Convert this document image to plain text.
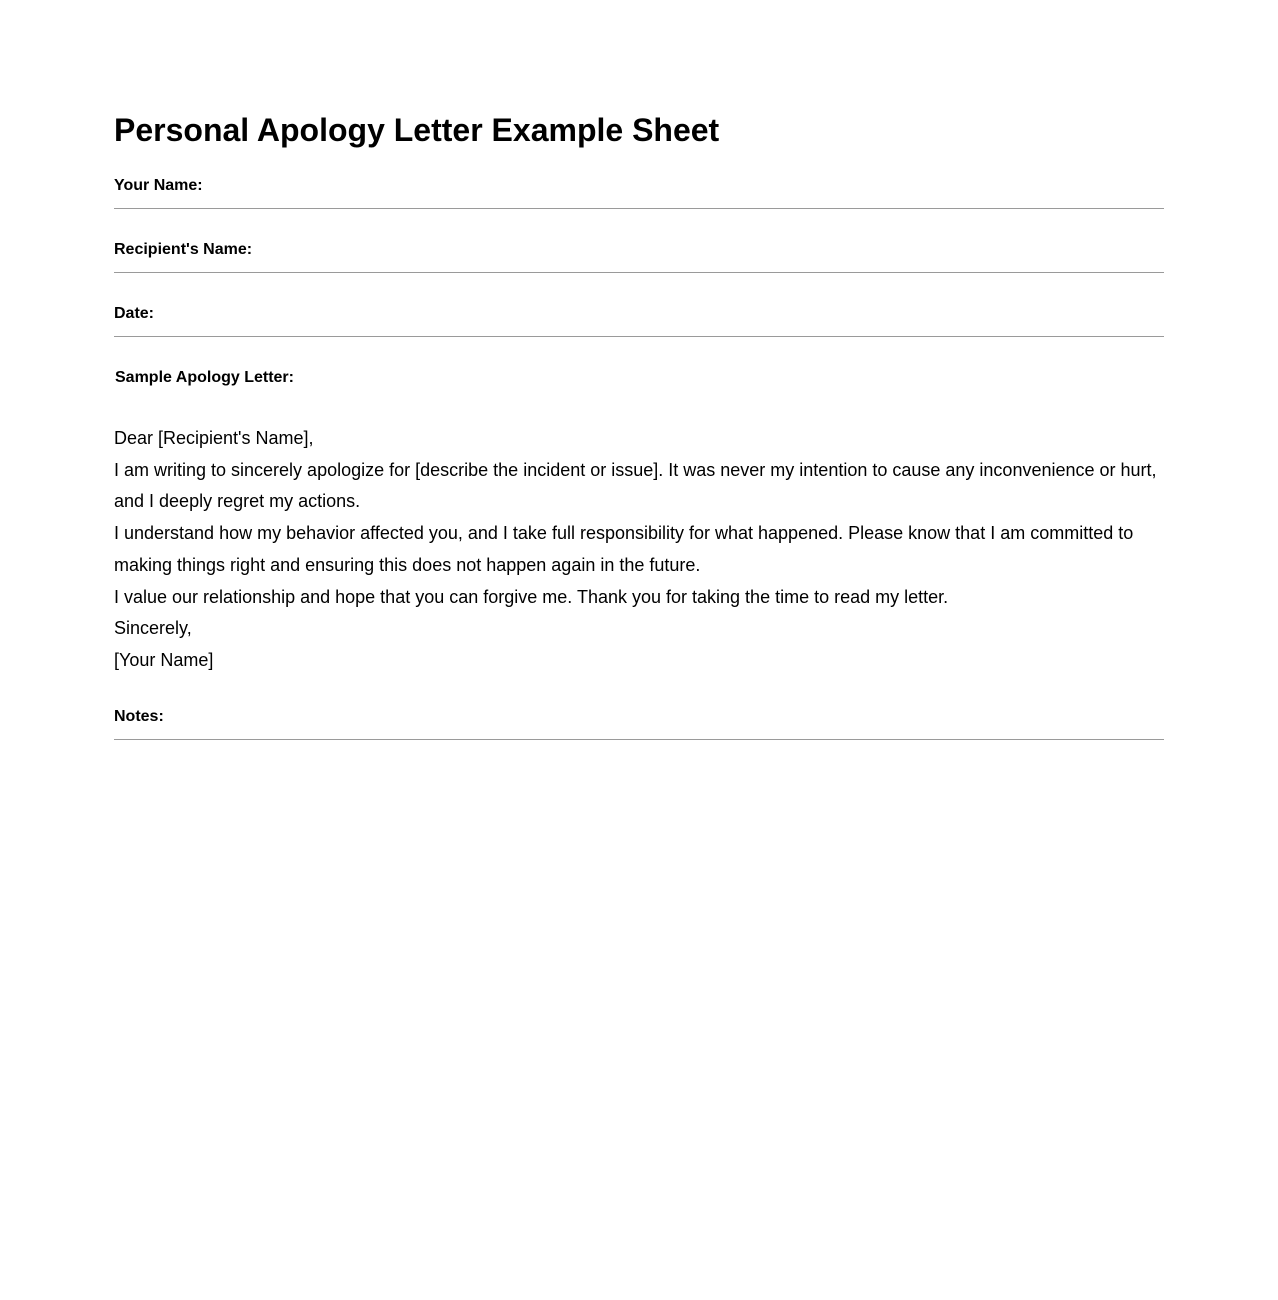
Personal Apology Letter Example Sheet
Your Name:
Recipient's Name:
Date:
Sample Apology Letter:

Dear [Recipient's Name],

I am writing to sincerely apologize for [describe the incident or issue]. It was never my intention to cause any inconvenience or hurt, and I deeply regret my actions.

I understand how my behavior affected you, and I take full responsibility for what happened. Please know that I am committed to making things right and ensuring this does not happen again in the future.

I value our relationship and hope that you can forgive me. Thank you for taking the time to read my letter.

Sincerely,

[Your Name]

Notes:
